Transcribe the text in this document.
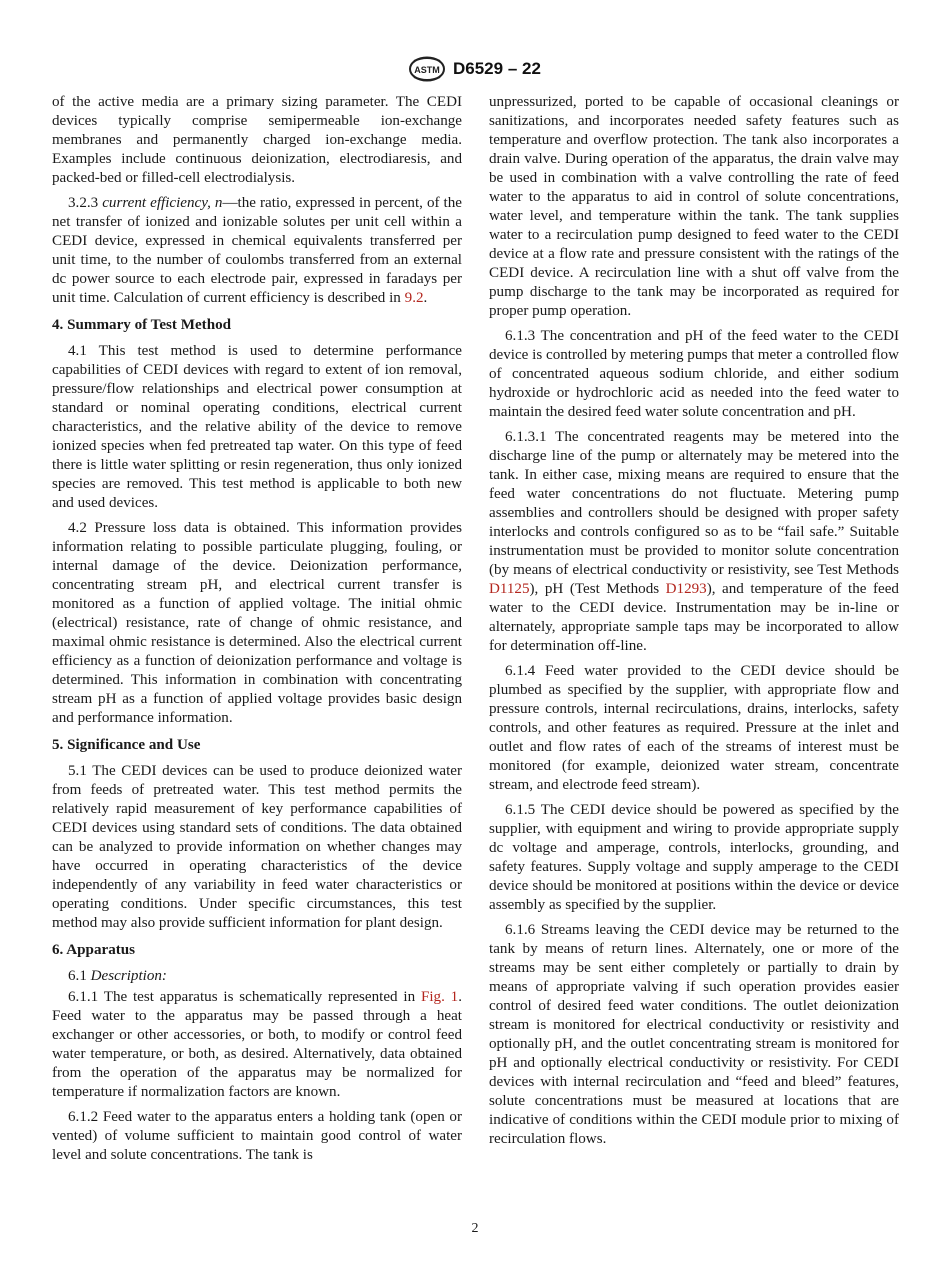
ASTM D6529 – 22

of the active media are a primary sizing parameter. The CEDI devices typically comprise semipermeable ion-exchange membranes and permanently charged ion-exchange media. Examples include continuous deionization, electrodiaresis, and packed-bed or filled-cell electrodialysis.

3.2.3 current efficiency, n—the ratio, expressed in percent, of the net transfer of ionized and ionizable solutes per unit cell within a CEDI device, expressed in chemical equivalents transferred per unit time, to the number of coulombs transferred from an external dc power source to each electrode pair, expressed in faradays per unit time. Calculation of current efficiency is described in 9.2.

4. Summary of Test Method

4.1 This test method is used to determine performance capabilities of CEDI devices with regard to extent of ion removal, pressure/flow relationships and electrical power consumption at standard or nominal operating conditions, electrical current characteristics, and the relative ability of the device to remove ionized species when fed pretreated tap water. On this type of feed there is little water splitting or resin regeneration, thus only ionized species are removed. This test method is applicable to both new and used devices.

4.2 Pressure loss data is obtained. This information provides information relating to possible particulate plugging, fouling, or internal damage of the device. Deionization performance, concentrating stream pH, and electrical current transfer is monitored as a function of applied voltage. The initial ohmic (electrical) resistance, rate of change of ohmic resistance, and maximal ohmic resistance is determined. Also the electrical current efficiency as a function of deionization performance and voltage is determined. This information in combination with concentrating stream pH as a function of applied voltage provides basic design and performance information.

5. Significance and Use

5.1 The CEDI devices can be used to produce deionized water from feeds of pretreated water. This test method permits the relatively rapid measurement of key performance capabilities of CEDI devices using standard sets of conditions. The data obtained can be analyzed to provide information on whether changes may have occurred in operating characteristics of the device independently of any variability in feed water characteristics or operating conditions. Under specific circumstances, this test method may also provide sufficient information for plant design.

6. Apparatus

6.1 Description:

6.1.1 The test apparatus is schematically represented in Fig. 1. Feed water to the apparatus may be passed through a heat exchanger or other accessories, or both, to modify or control feed water temperature, or both, as desired. Alternatively, data obtained from the operation of the apparatus may be normalized for temperature if normalization factors are known.

6.1.2 Feed water to the apparatus enters a holding tank (open or vented) of volume sufficient to maintain good control of water level and solute concentrations. The tank is

unpressurized, ported to be capable of occasional cleanings or sanitizations, and incorporates needed safety features such as temperature and overflow protection. The tank also incorporates a drain valve. During operation of the apparatus, the drain valve may be used in combination with a valve controlling the rate of feed water to the apparatus to aid in control of solute concentrations, water level, and temperature within the tank. The tank supplies water to a recirculation pump designed to feed water to the CEDI device at a flow rate and pressure consistent with the ratings of the CEDI device. A recirculation line with a shut off valve from the pump discharge to the tank may be incorporated as required for proper pump operation.

6.1.3 The concentration and pH of the feed water to the CEDI device is controlled by metering pumps that meter a controlled flow of concentrated aqueous sodium chloride, and either sodium hydroxide or hydrochloric acid as needed into the feed water to maintain the desired feed water solute concentration and pH.

6.1.3.1 The concentrated reagents may be metered into the discharge line of the pump or alternately may be metered into the tank. In either case, mixing means are required to ensure that the feed water concentrations do not fluctuate. Metering pump assemblies and controllers should be designed with proper safety interlocks and controls configured so as to be “fail safe.” Suitable instrumentation must be provided to monitor solute concentration (by means of electrical conductivity or resistivity, see Test Methods D1125), pH (Test Methods D1293), and temperature of the feed water to the CEDI device. Instrumentation may be in-line or alternately, appropriate sample taps may be incorporated to allow for determination off-line.

6.1.4 Feed water provided to the CEDI device should be plumbed as specified by the supplier, with appropriate flow and pressure controls, internal recirculations, drains, interlocks, safety controls, and other features as required. Pressure at the inlet and outlet and flow rates of each of the streams of interest must be monitored (for example, deionized water stream, concentrate stream, and electrode feed stream).

6.1.5 The CEDI device should be powered as specified by the supplier, with equipment and wiring to provide appropriate supply dc voltage and amperage, controls, interlocks, grounding, and safety features. Supply voltage and supply amperage to the CEDI device should be monitored at positions within the device or device assembly as specified by the supplier.

6.1.6 Streams leaving the CEDI device may be returned to the tank by means of return lines. Alternately, one or more of the streams may be sent either completely or partially to drain by means of appropriate valving if such operation provides easier control of desired feed water conditions. The outlet deionization stream is monitored for electrical conductivity or resistivity and optionally pH, and the outlet concentrating stream is monitored for pH and optionally electrical conductivity or resistivity. For CEDI devices with internal recirculation and “feed and bleed” features, solute concentrations must be measured at locations that are indicative of conditions within the CEDI module prior to mixing of recirculation flows.

2
